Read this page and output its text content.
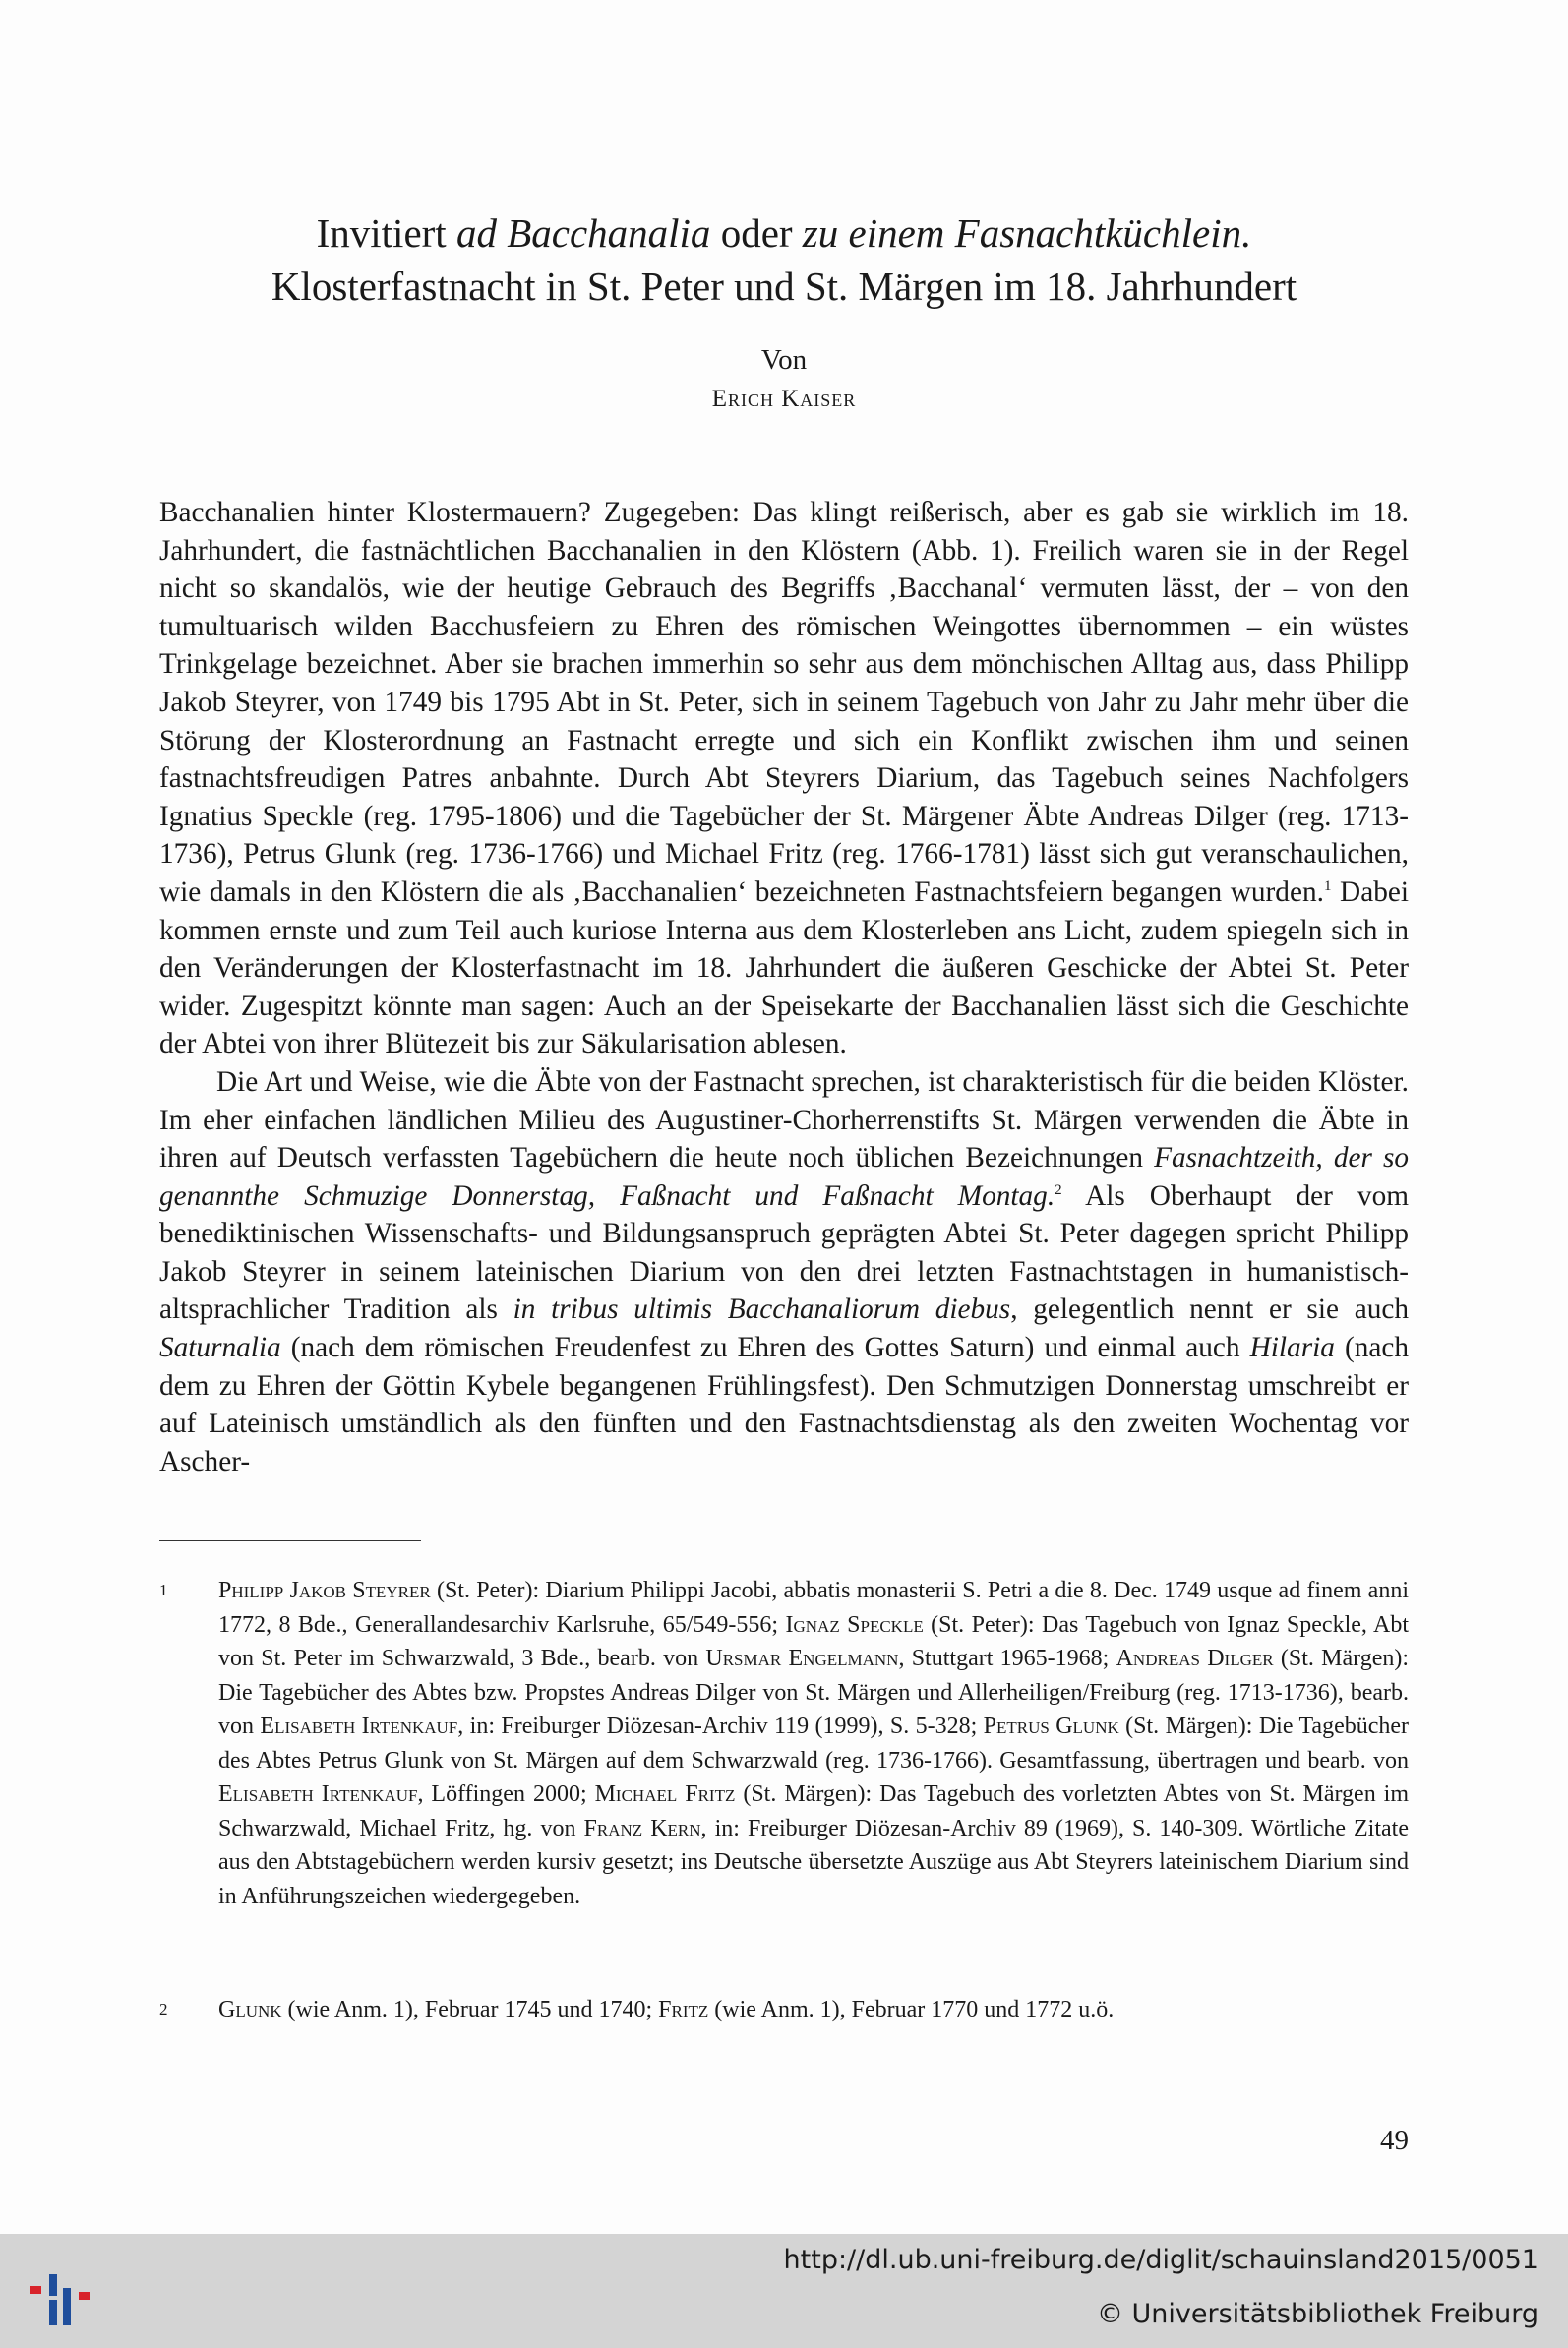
Invitiert ad Bacchanalia oder zu einem Fasnachtküchlein.
Klosterfastnacht in St. Peter und St. Märgen im 18. Jahrhundert
Von
Erich Kaiser

Bacchanalien hinter Klostermauern? Zugegeben: Das klingt reißerisch, aber es gab sie wirklich im 18. Jahrhundert, die fastnächtlichen Bacchanalien in den Klöstern (Abb. 1). Freilich waren sie in der Regel nicht so skandalös, wie der heutige Gebrauch des Begriffs ‚Bacchanal‘ vermuten lässt, der – von den tumultuarisch wilden Bacchusfeiern zu Ehren des römischen Weingottes übernommen – ein wüstes Trinkgelage bezeichnet. Aber sie brachen immerhin so sehr aus dem mönchischen Alltag aus, dass Philipp Jakob Steyrer, von 1749 bis 1795 Abt in St. Peter, sich in seinem Tagebuch von Jahr zu Jahr mehr über die Störung der Klosterordnung an Fastnacht erregte und sich ein Konflikt zwischen ihm und seinen fastnachtsfreudigen Patres anbahnte. Durch Abt Steyrers Diarium, das Tagebuch seines Nachfolgers Ignatius Speckle (reg. 1795-1806) und die Tagebücher der St. Märgener Äbte Andreas Dilger (reg. 1713-1736), Petrus Glunk (reg. 1736-1766) und Michael Fritz (reg. 1766-1781) lässt sich gut veranschaulichen, wie damals in den Klöstern die als ‚Bacchanalien‘ bezeichneten Fastnachtsfeiern begangen wurden.$^1$ Dabei kommen ernste und zum Teil auch kuriose Interna aus dem Klosterleben ans Licht, zudem spiegeln sich in den Veränderungen der Klosterfastnacht im 18. Jahrhundert die äußeren Geschicke der Abtei St. Peter wider. Zugespitzt könnte man sagen: Auch an der Speisekarte der Bacchanalien lässt sich die Geschichte der Abtei von ihrer Blütezeit bis zur Säkularisation ablesen.

Die Art und Weise, wie die Äbte von der Fastnacht sprechen, ist charakteristisch für die beiden Klöster. Im eher einfachen ländlichen Milieu des Augustiner-Chorherrenstifts St. Märgen verwenden die Äbte in ihren auf Deutsch verfassten Tagebüchern die heute noch üblichen Bezeichnungen Fasnachtzeith, der so genannthe Schmuzige Donnerstag, Faßnacht und Faßnacht Montag.$^2$ Als Oberhaupt der vom benediktinischen Wissenschafts- und Bildungsanspruch geprägten Abtei St. Peter dagegen spricht Philipp Jakob Steyrer in seinem lateinischen Diarium von den drei letzten Fastnachtstagen in humanistisch-altsprachlicher Tradition als in tribus ultimis Bacchanaliorum diebus, gelegentlich nennt er sie auch Saturnalia (nach dem römischen Freudenfest zu Ehren des Gottes Saturn) und einmal auch Hilaria (nach dem zu Ehren der Göttin Kybele begangenen Frühlingsfest). Den Schmutzigen Donnerstag umschreibt er auf Lateinisch umständlich als den fünften und den Fastnachtsdienstag als den zweiten Wochentag vor Ascher-

1 Philipp Jakob Steyrer (St. Peter): Diarium Philippi Jacobi, abbatis monasterii S. Petri a die 8. Dec. 1749 usque ad finem anni 1772, 8 Bde., Generallandesarchiv Karlsruhe, 65/549-556; Ignaz Speckle (St. Peter): Das Tagebuch von Ignaz Speckle, Abt von St. Peter im Schwarzwald, 3 Bde., bearb. von Ursmar Engelmann, Stuttgart 1965-1968; Andreas Dilger (St. Märgen): Die Tagebücher des Abtes bzw. Propstes Andreas Dilger von St. Märgen und Allerheiligen/Freiburg (reg. 1713-1736), bearb. von Elisabeth Irtenkauf, in: Freiburger Diözesan-Archiv 119 (1999), S. 5-328; Petrus Glunk (St. Märgen): Die Tagebücher des Abtes Petrus Glunk von St. Märgen auf dem Schwarzwald (reg. 1736-1766). Gesamtfassung, übertragen und bearb. von Elisabeth Irtenkauf, Löffingen 2000; Michael Fritz (St. Märgen): Das Tagebuch des vorletzten Abtes von St. Märgen im Schwarzwald, Michael Fritz, hg. von Franz Kern, in: Freiburger Diözesan-Archiv 89 (1969), S. 140-309. Wörtliche Zitate aus den Abtstagebüchern werden kursiv gesetzt; ins Deutsche übersetzte Auszüge aus Abt Steyrers lateinischem Diarium sind in Anführungszeichen wiedergegeben.
2 Glunk (wie Anm. 1), Februar 1745 und 1740; Fritz (wie Anm. 1), Februar 1770 und 1772 u.ö.
49
http://dl.ub.uni-freiburg.de/diglit/schauinsland2015/0051
© Universitätsbibliothek Freiburg
